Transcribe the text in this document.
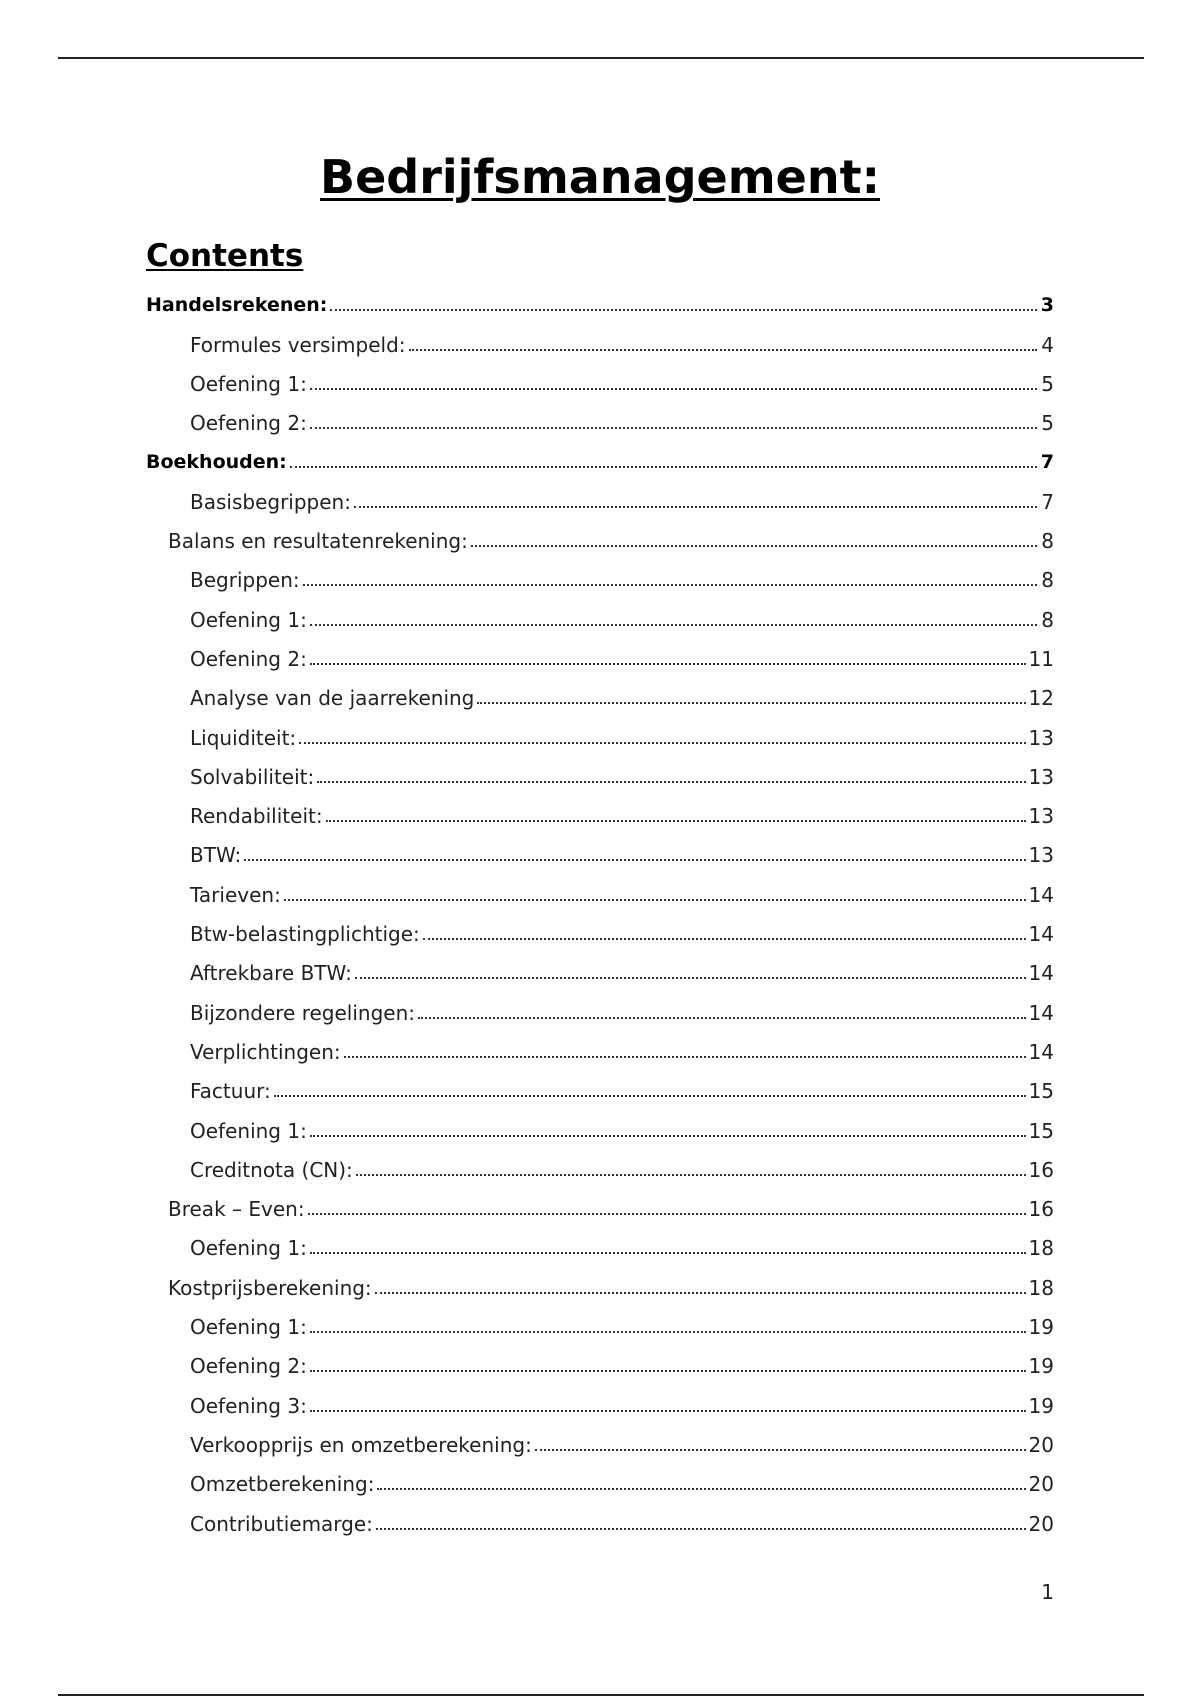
Bedrijfsmanagement:
Contents
Handelsrekenen:	3
Formules versimpeld:	4
Oefening 1:	5
Oefening 2:	5
Boekhouden:	7
Basisbegrippen:	7
Balans en resultatenrekening:	8
Begrippen:	8
Oefening 1:	8
Oefening 2:	11
Analyse van de jaarrekening	12
Liquiditeit:	13
Solvabiliteit:	13
Rendabiliteit:	13
BTW:	13
Tarieven:	14
Btw-belastingplichtige:	14
Aftrekbare BTW:	14
Bijzondere regelingen:	14
Verplichtingen:	14
Factuur:	15
Oefening 1:	15
Creditnota (CN):	16
Break – Even:	16
Oefening 1:	18
Kostprijsberekening:	18
Oefening 1:	19
Oefening 2:	19
Oefening 3:	19
Verkoopprijs en omzetberekening:	20
Omzetberekening:	20
Contributiemarge:	20
1
